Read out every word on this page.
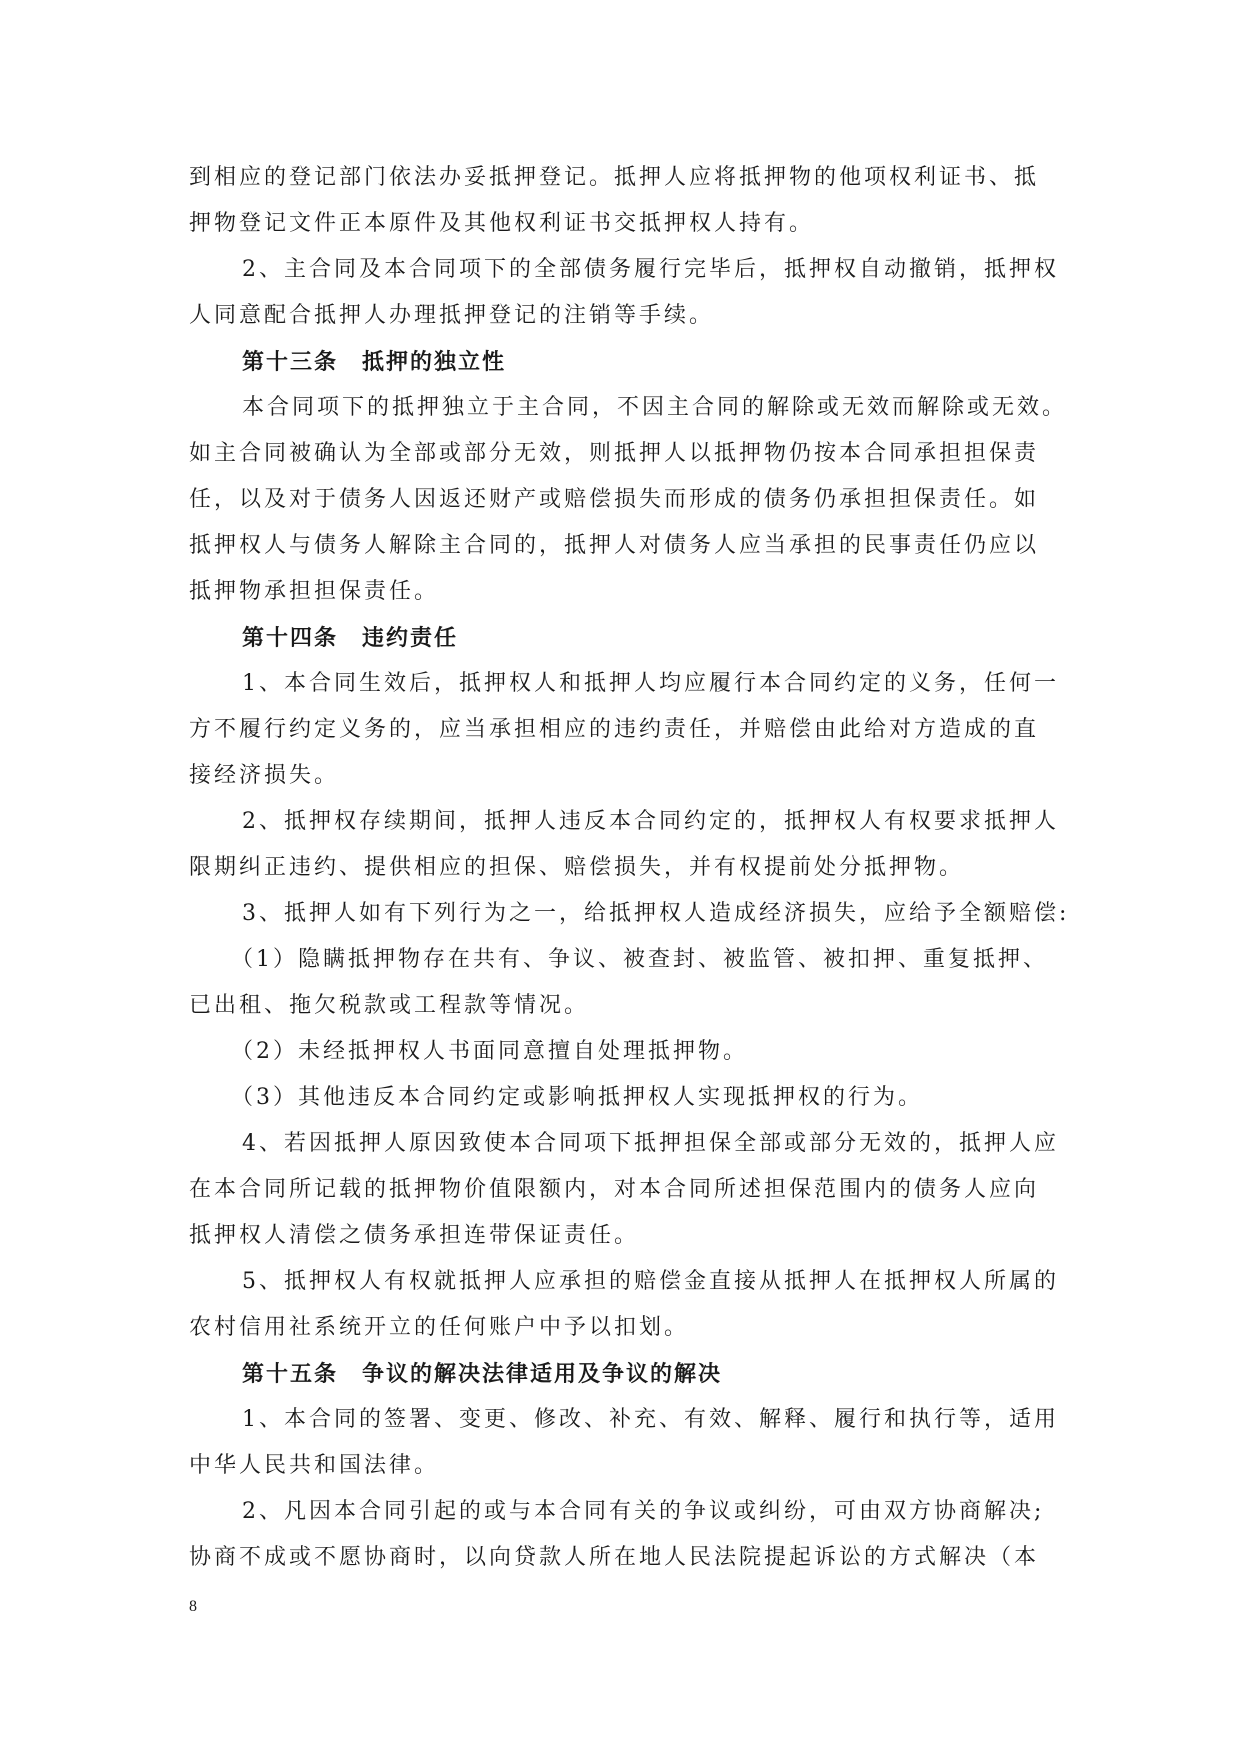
到相应的登记部门依法办妥抵押登记。抵押人应将抵押物的他项权利证书、抵
押物登记文件正本原件及其他权利证书交抵押权人持有。
2、主合同及本合同项下的全部债务履行完毕后，抵押权自动撤销，抵押权
人同意配合抵押人办理抵押登记的注销等手续。
第十三条　抵押的独立性
本合同项下的抵押独立于主合同，不因主合同的解除或无效而解除或无效。
如主合同被确认为全部或部分无效，则抵押人以抵押物仍按本合同承担担保责
任，以及对于债务人因返还财产或赔偿损失而形成的债务仍承担担保责任。如
抵押权人与债务人解除主合同的，抵押人对债务人应当承担的民事责任仍应以
抵押物承担担保责任。
第十四条　违约责任
1、本合同生效后，抵押权人和抵押人均应履行本合同约定的义务，任何一
方不履行约定义务的，应当承担相应的违约责任，并赔偿由此给对方造成的直
接经济损失。
2、抵押权存续期间，抵押人违反本合同约定的，抵押权人有权要求抵押人
限期纠正违约、提供相应的担保、赔偿损失，并有权提前处分抵押物。
3、抵押人如有下列行为之一，给抵押权人造成经济损失，应给予全额赔偿:
（1）隐瞒抵押物存在共有、争议、被查封、被监管、被扣押、重复抵押、
已出租、拖欠税款或工程款等情况。
（2）未经抵押权人书面同意擅自处理抵押物。
（3）其他违反本合同约定或影响抵押权人实现抵押权的行为。
4、若因抵押人原因致使本合同项下抵押担保全部或部分无效的，抵押人应
在本合同所记载的抵押物价值限额内，对本合同所述担保范围内的债务人应向
抵押权人清偿之债务承担连带保证责任。
5、抵押权人有权就抵押人应承担的赔偿金直接从抵押人在抵押权人所属的
农村信用社系统开立的任何账户中予以扣划。
第十五条　争议的解决法律适用及争议的解决
1、本合同的签署、变更、修改、补充、有效、解释、履行和执行等，适用
中华人民共和国法律。
2、凡因本合同引起的或与本合同有关的争议或纠纷，可由双方协商解决;
协商不成或不愿协商时，以向贷款人所在地人民法院提起诉讼的方式解决（本
8
